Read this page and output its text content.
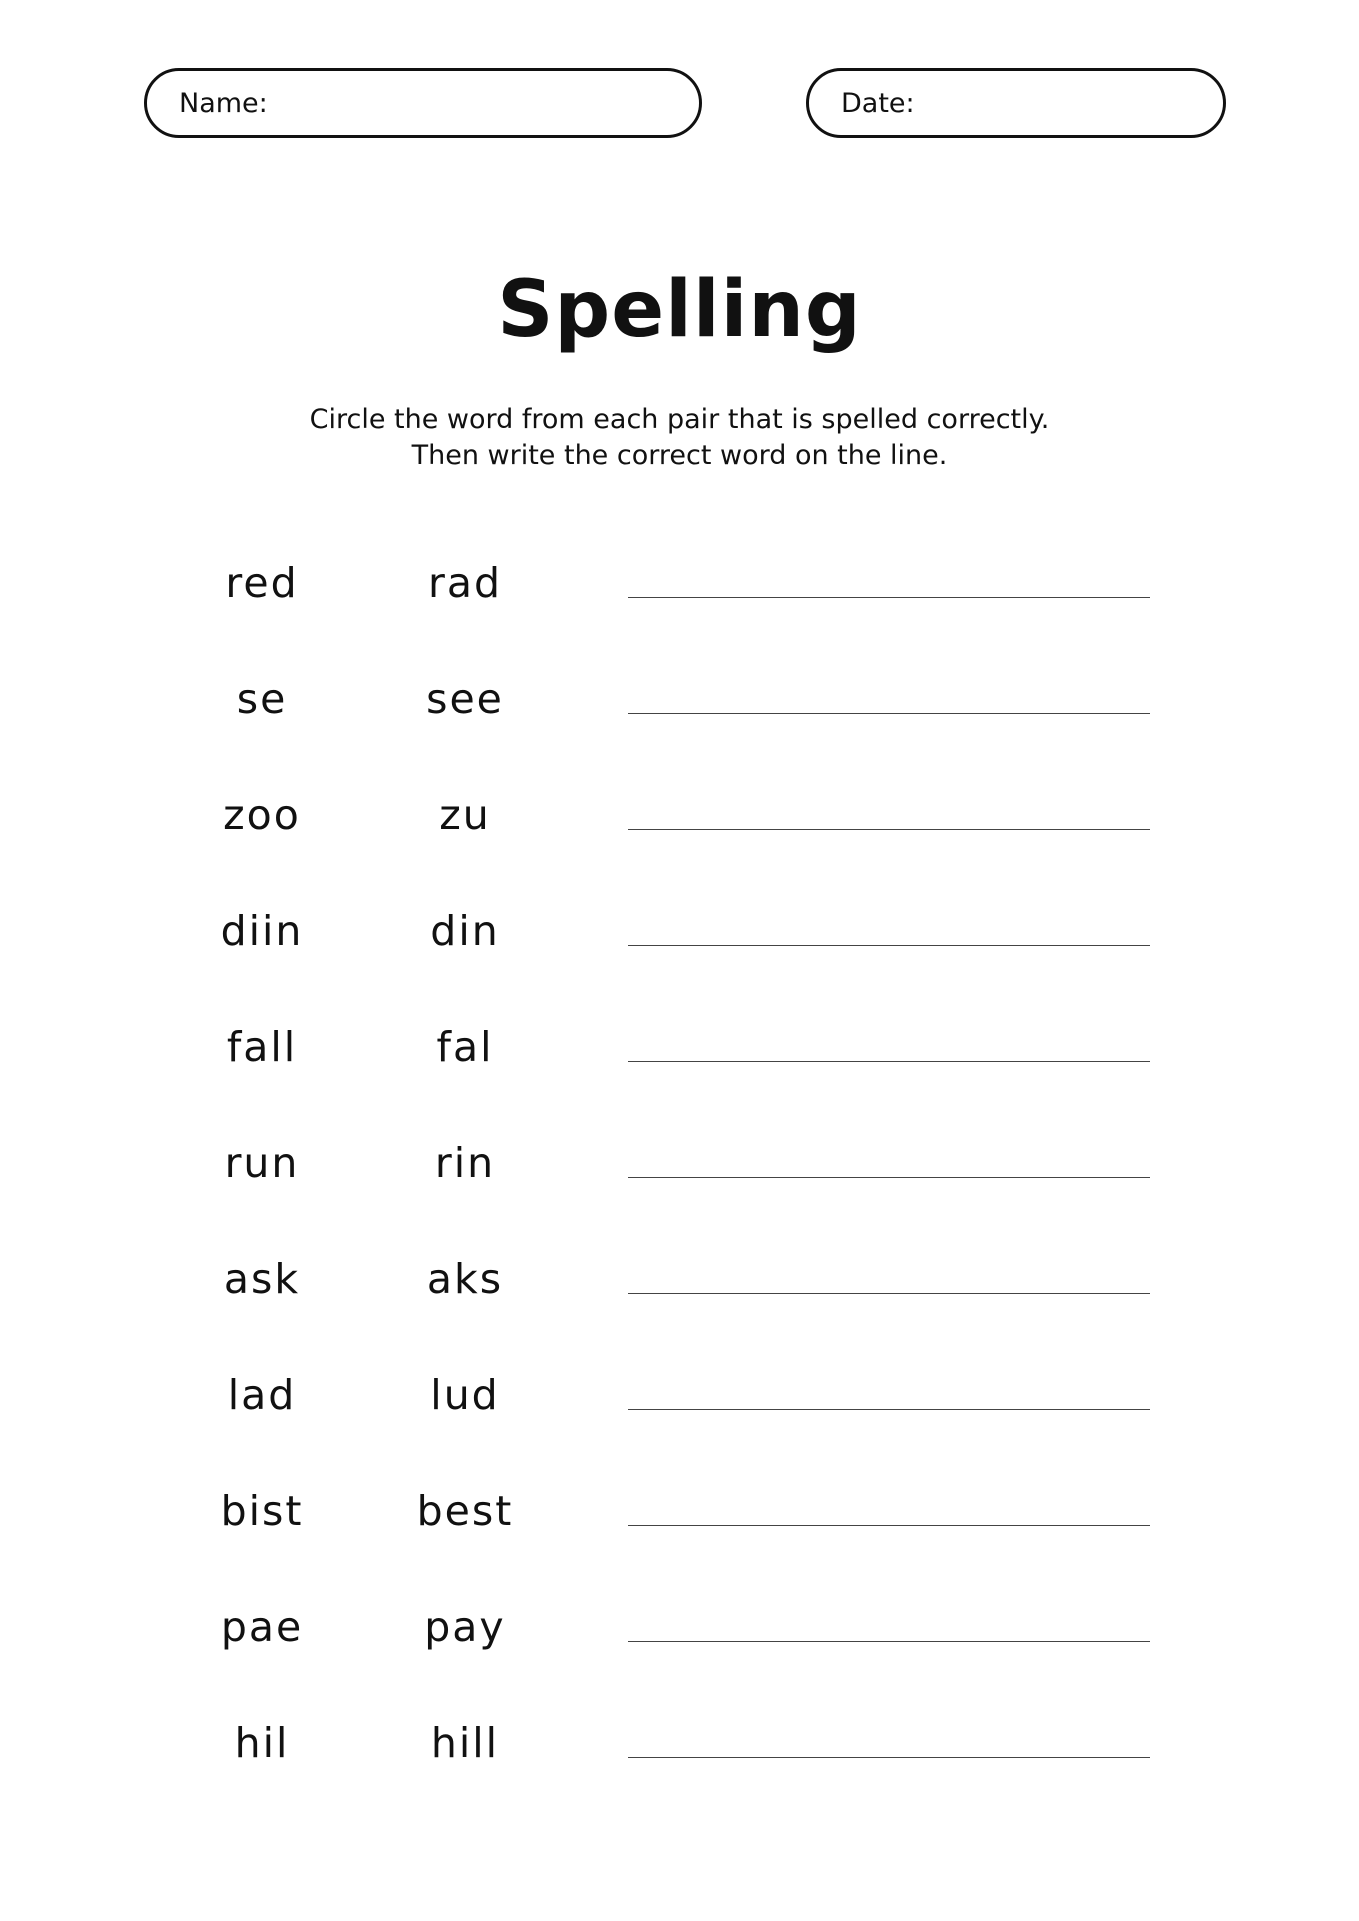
Name:	Date:
Spelling
Circle the word from each pair that is spelled correctly.
Then write the correct word on the line.
red	rad
se	see
zoo	zu
diin	din
fall	fal
run	rin
ask	aks
lad	lud
bist	best
pae	pay
hil	hill
